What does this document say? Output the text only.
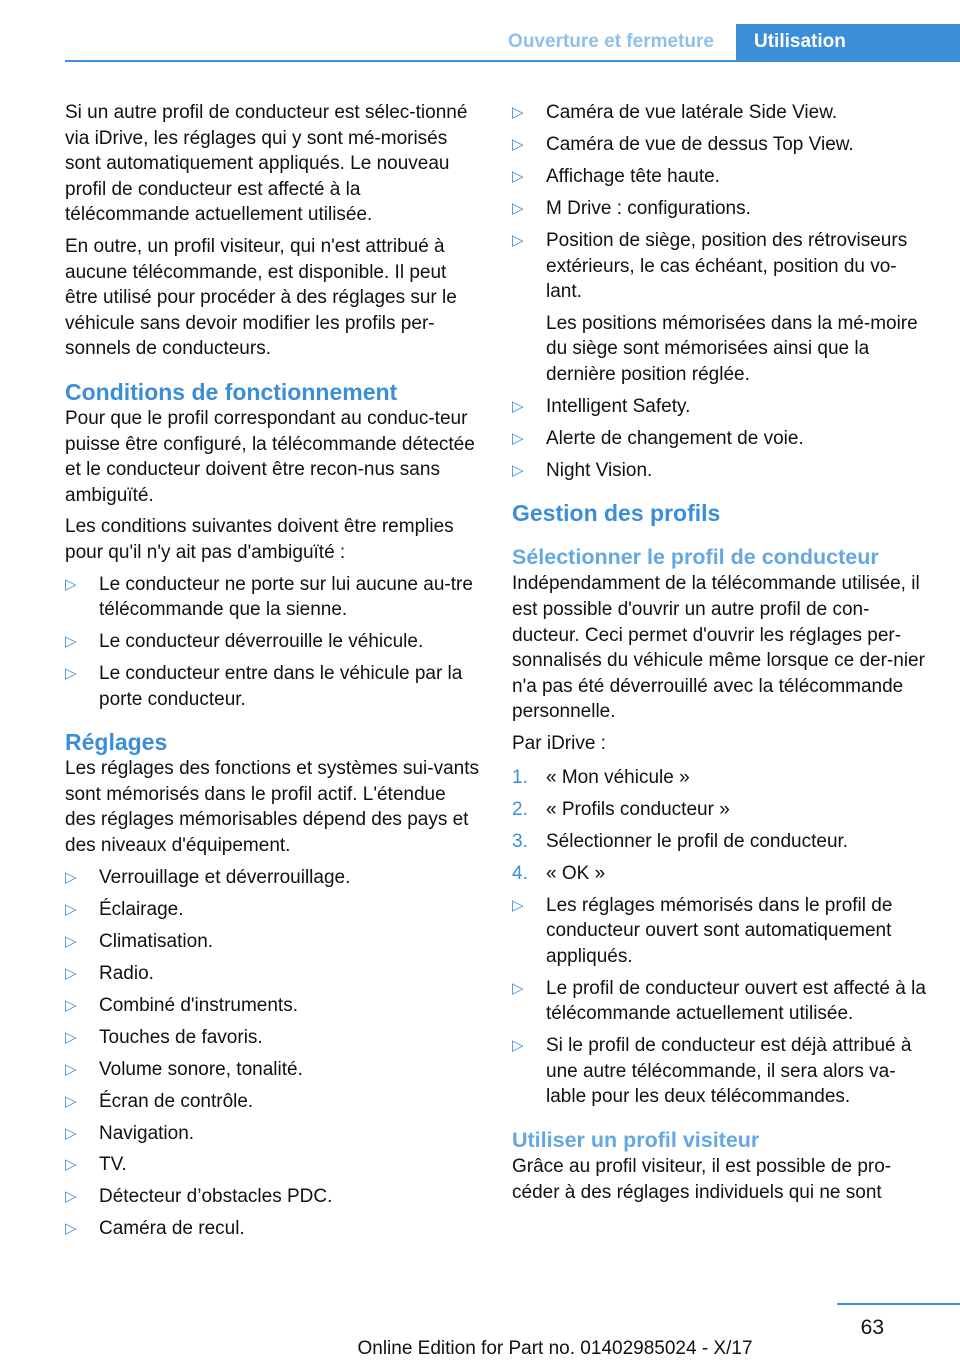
Ouverture et fermeture	Utilisation

Si un autre profil de conducteur est sélec-tionné via iDrive, les réglages qui y sont mé-morisés sont automatiquement appliqués. Le nouveau profil de conducteur est affecté à la télécommande actuellement utilisée.

En outre, un profil visiteur, qui n'est attribué à aucune télécommande, est disponible. Il peut être utilisé pour procéder à des réglages sur le véhicule sans devoir modifier les profils per-sonnels de conducteurs.

Conditions de fonctionnement

Pour que le profil correspondant au conduc-teur puisse être configuré, la télécommande détectée et le conducteur doivent être recon-nus sans ambiguïté.

Les conditions suivantes doivent être remplies pour qu'il n'y ait pas d'ambiguïté :

▷ Le conducteur ne porte sur lui aucune au-tre télécommande que la sienne.
▷ Le conducteur déverrouille le véhicule.
▷ Le conducteur entre dans le véhicule par la porte conducteur.
Réglages

Les réglages des fonctions et systèmes sui-vants sont mémorisés dans le profil actif. L'étendue des réglages mémorisables dépend des pays et des niveaux d'équipement.

▷ Verrouillage et déverrouillage.
▷ Éclairage.
▷ Climatisation.
▷ Radio.
▷ Combiné d'instruments.
▷ Touches de favoris.
▷ Volume sonore, tonalité.
▷ Écran de contrôle.
▷ Navigation.
▷ TV.
▷ Détecteur d’obstacles PDC.
▷ Caméra de recul.
▷ Caméra de vue latérale Side View.
▷ Caméra de vue de dessus Top View.
▷ Affichage tête haute.
▷ M Drive : configurations.
▷ Position de siège, position des rétroviseurs extérieurs, le cas échéant, position du vo-lant.
Les positions mémorisées dans la mé-moire du siège sont mémorisées ainsi que la dernière position réglée.
▷ Intelligent Safety.
▷ Alerte de changement de voie.
▷ Night Vision.
Gestion des profils
Sélectionner le profil de conducteur

Indépendamment de la télécommande utilisée, il est possible d'ouvrir un autre profil de con-ducteur. Ceci permet d'ouvrir les réglages per-sonnalisés du véhicule même lorsque ce der-nier n'a pas été déverrouillé avec la télécommande personnelle.

Par iDrive :

1. « Mon véhicule »
2. « Profils conducteur »
3. Sélectionner le profil de conducteur.
4. « OK »
▷ Les réglages mémorisés dans le profil de conducteur ouvert sont automatiquement appliqués.
▷ Le profil de conducteur ouvert est affecté à la télécommande actuellement utilisée.
▷ Si le profil de conducteur est déjà attribué à une autre télécommande, il sera alors va-lable pour les deux télécommandes.
Utiliser un profil visiteur

Grâce au profil visiteur, il est possible de pro-céder à des réglages individuels qui ne sont

63
Online Edition for Part no. 01402985024 - X/17
